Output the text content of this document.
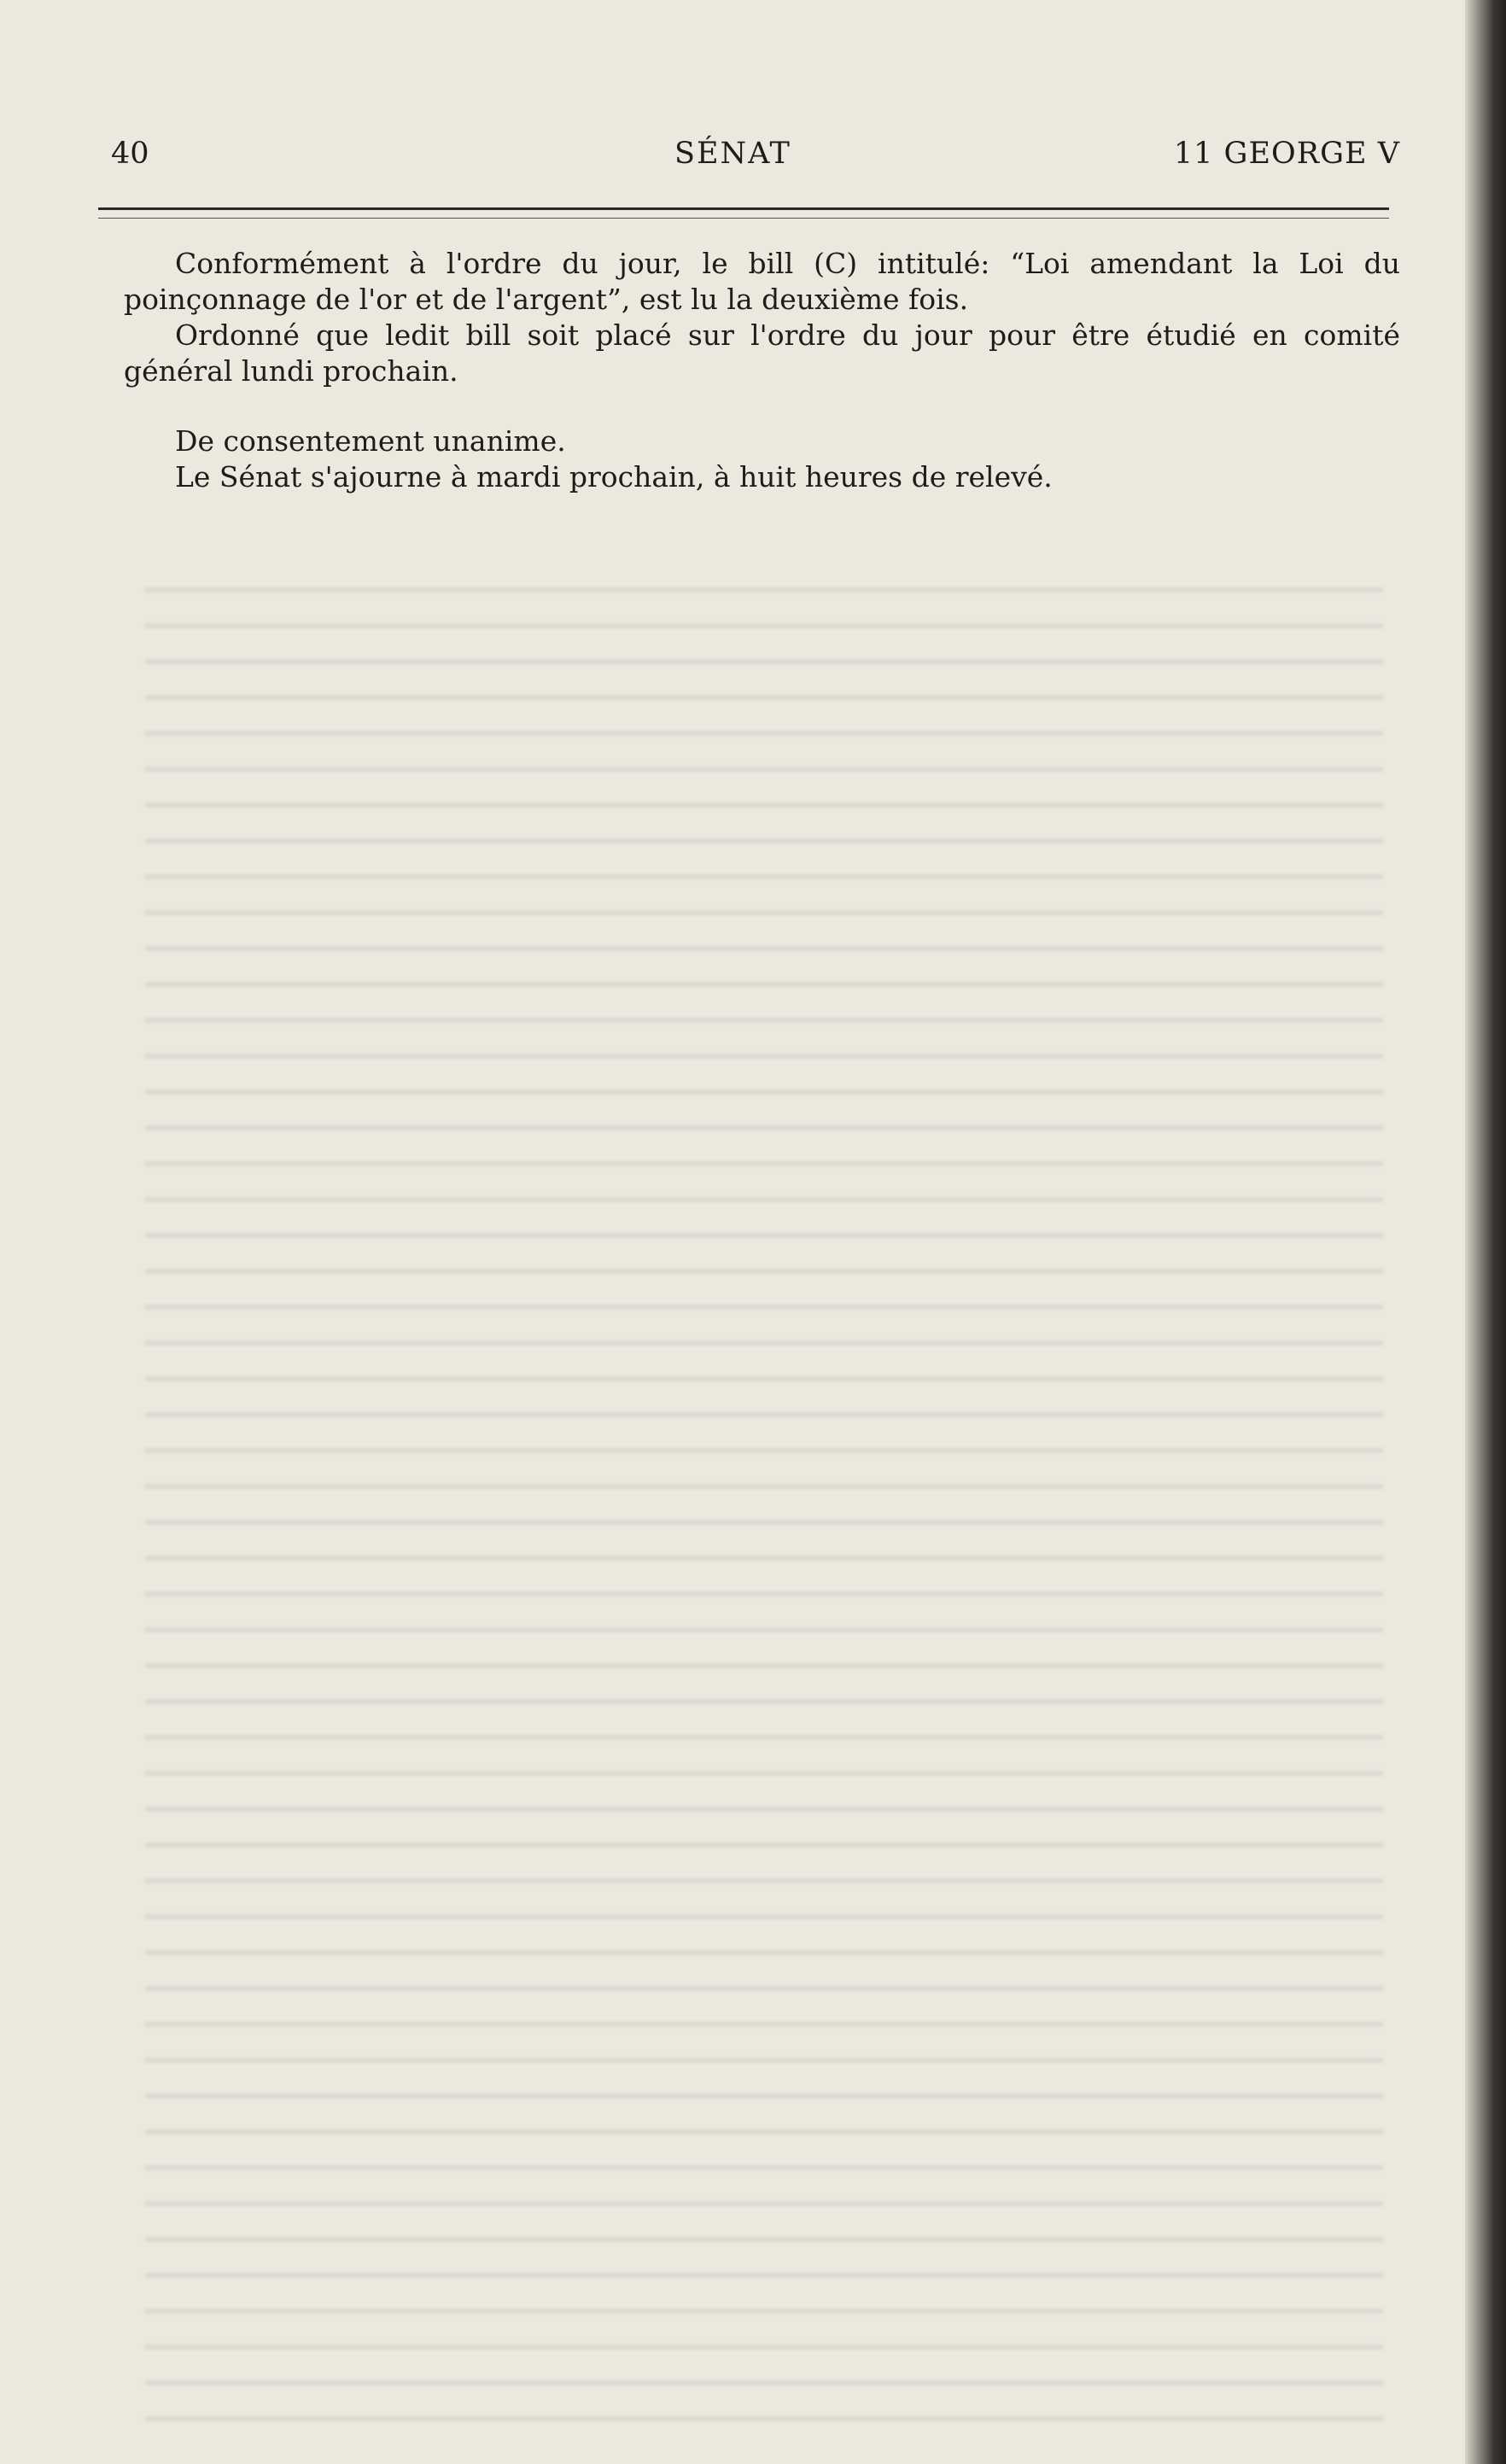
40	SÉNAT	11 GEORGE V

Conformément à l'ordre du jour, le bill (C) intitulé: “Loi amendant la Loi du poinçonnage de l'or et de l'argent”, est lu la deuxième fois.

Ordonné que ledit bill soit placé sur l'ordre du jour pour être étudié en comité général lundi prochain.

De consentement unanime.

Le Sénat s'ajourne à mardi prochain, à huit heures de relevé.
